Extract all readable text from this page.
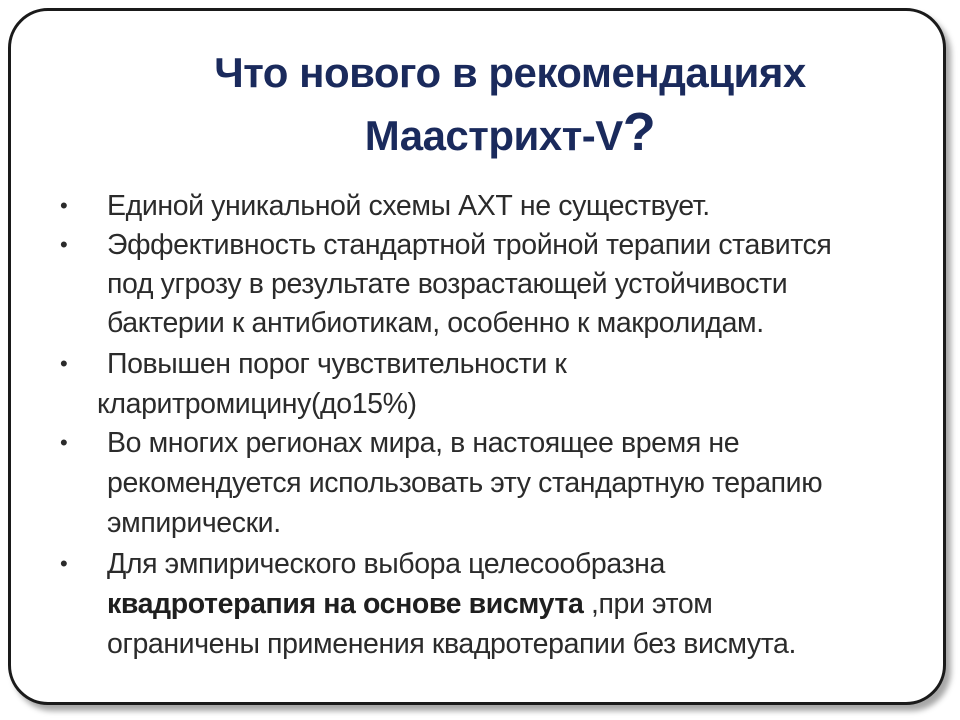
Что нового в рекомендациях
Маастрихт-V?
• Единой уникальной схемы АХТ не существует.
• Эффективность стандартной тройной терапии ставится
под угрозу в результате возрастающей устойчивости
бактерии к антибиотикам, особенно к макролидам.
• Повышен порог чувствительности к
кларитромицину(до15%)
• Во многих регионах мира, в настоящее время не
рекомендуется использовать эту стандартную терапию
эмпирически.
• Для эмпирического выбора целесообразна
квадротерапия на основе висмута ,при этом
ограничены применения квадротерапии без висмута.
